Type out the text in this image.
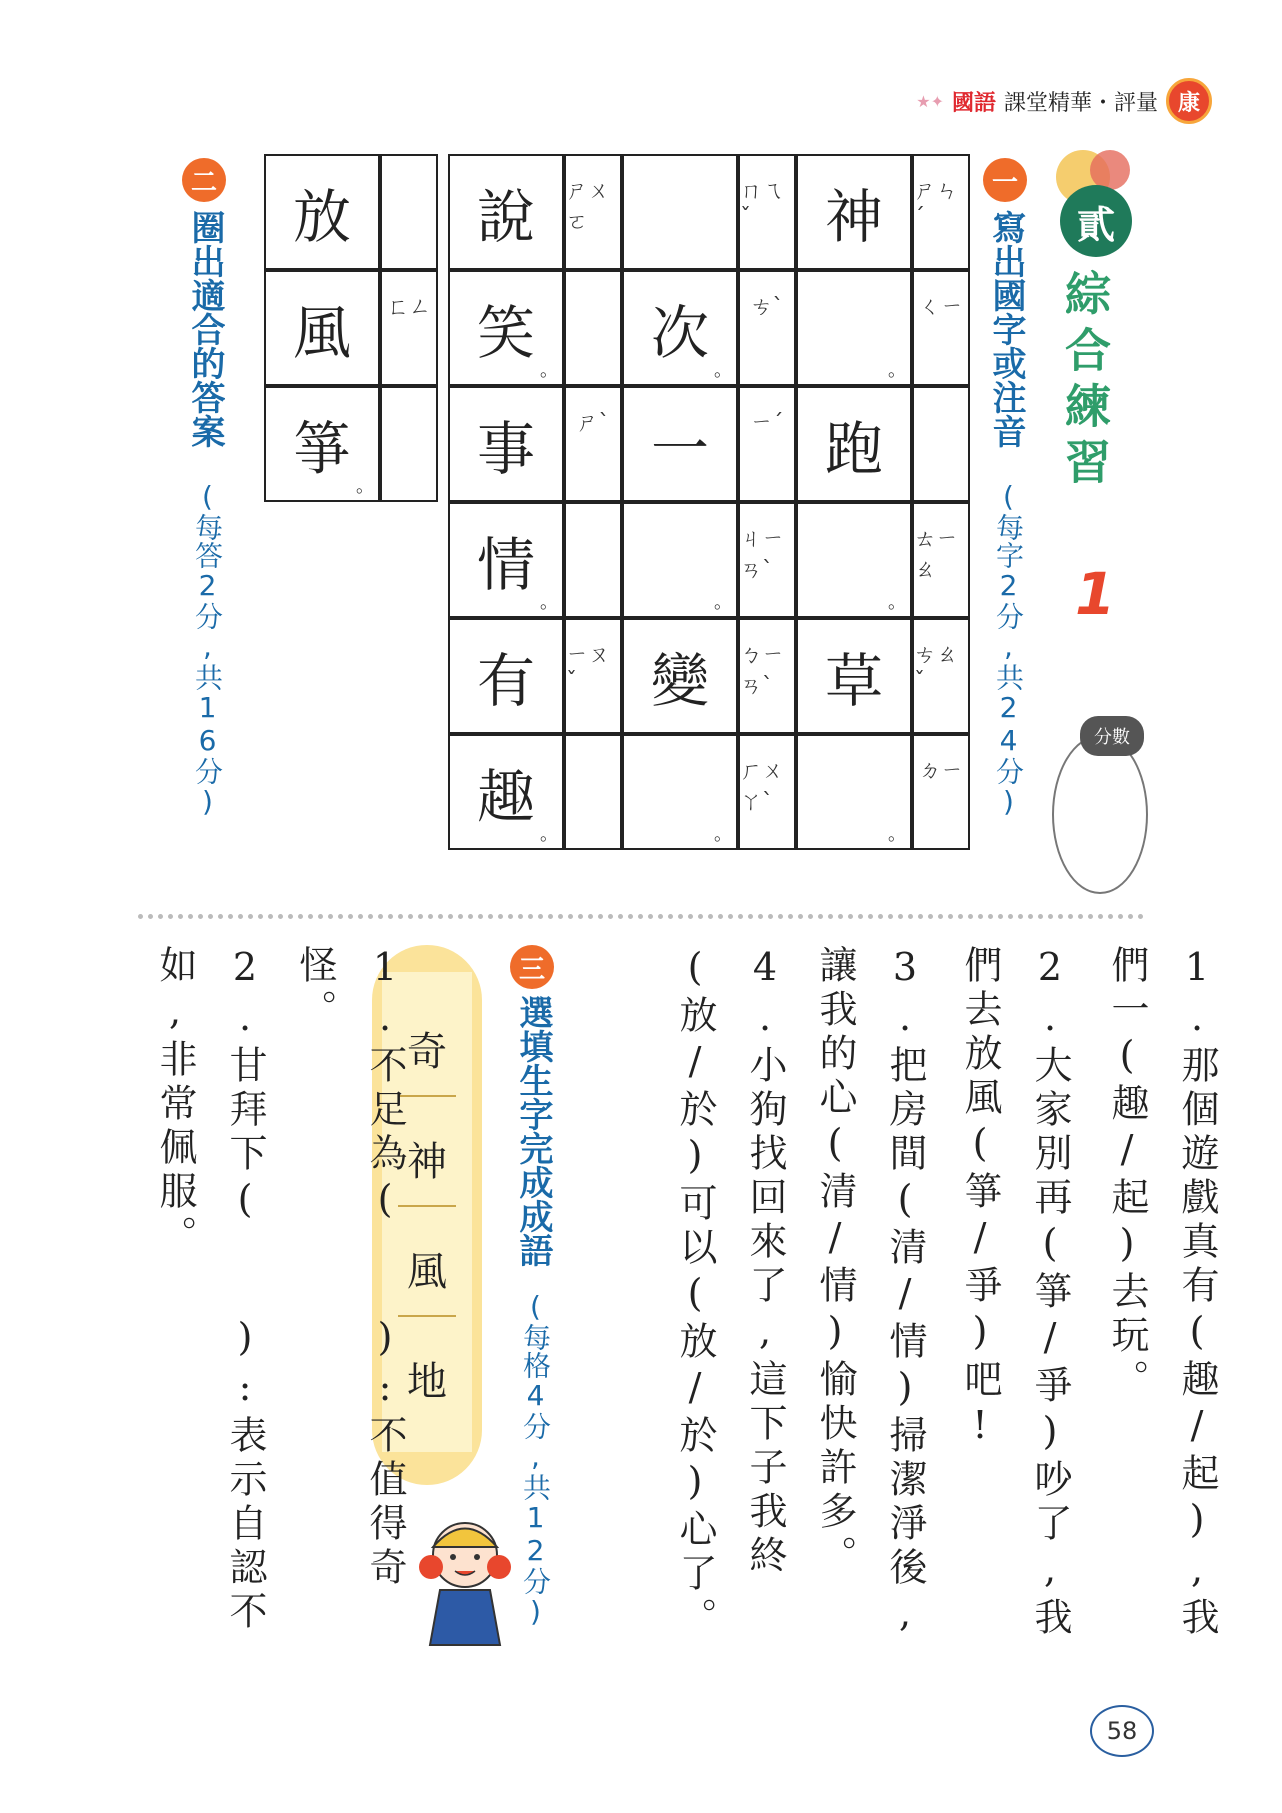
★✦ 國語 課堂精華・評量 康
貳
綜合練習
1
分數
一
寫出國字或注音
(每字2分,共24分)
二
圈出適合的答案
(每答2分,共16分)
ㄕㄣˊ
神
ㄑㄧ
。
跑
ㄊㄧㄠ
。
ㄘㄠˇ
草
ㄉㄧ
。
ㄇㄟˇ
ㄘˋ
次
。
ㄧˊ
一
ㄐㄧㄢˋ
。
ㄅㄧㄢˋ
變
ㄏㄨㄚˋ
。
ㄕㄨㄛ
說
笑
。
ㄕˋ
事
情
。
ㄧㄡˇ
有
趣
。
放
ㄈㄥ
風
箏
。
1.那個遊戲真有(趣/起),我們一(趣/起)去玩。
2.大家別再(箏/爭)吵了,我們去放風(箏/爭)吧!
3.把房間(清/情)掃潔淨後,讓我的心(清/情)愉快許多。
4.小狗找回來了,這下子我終(放/於)可以(放/於)心了。
三
選填生字完成成語
(每格4分,共12分)
奇
神
風
地
1.不足為(　　):不值得奇怪。
2.甘拜下(　　):表示自認不如,非常佩服。
58
